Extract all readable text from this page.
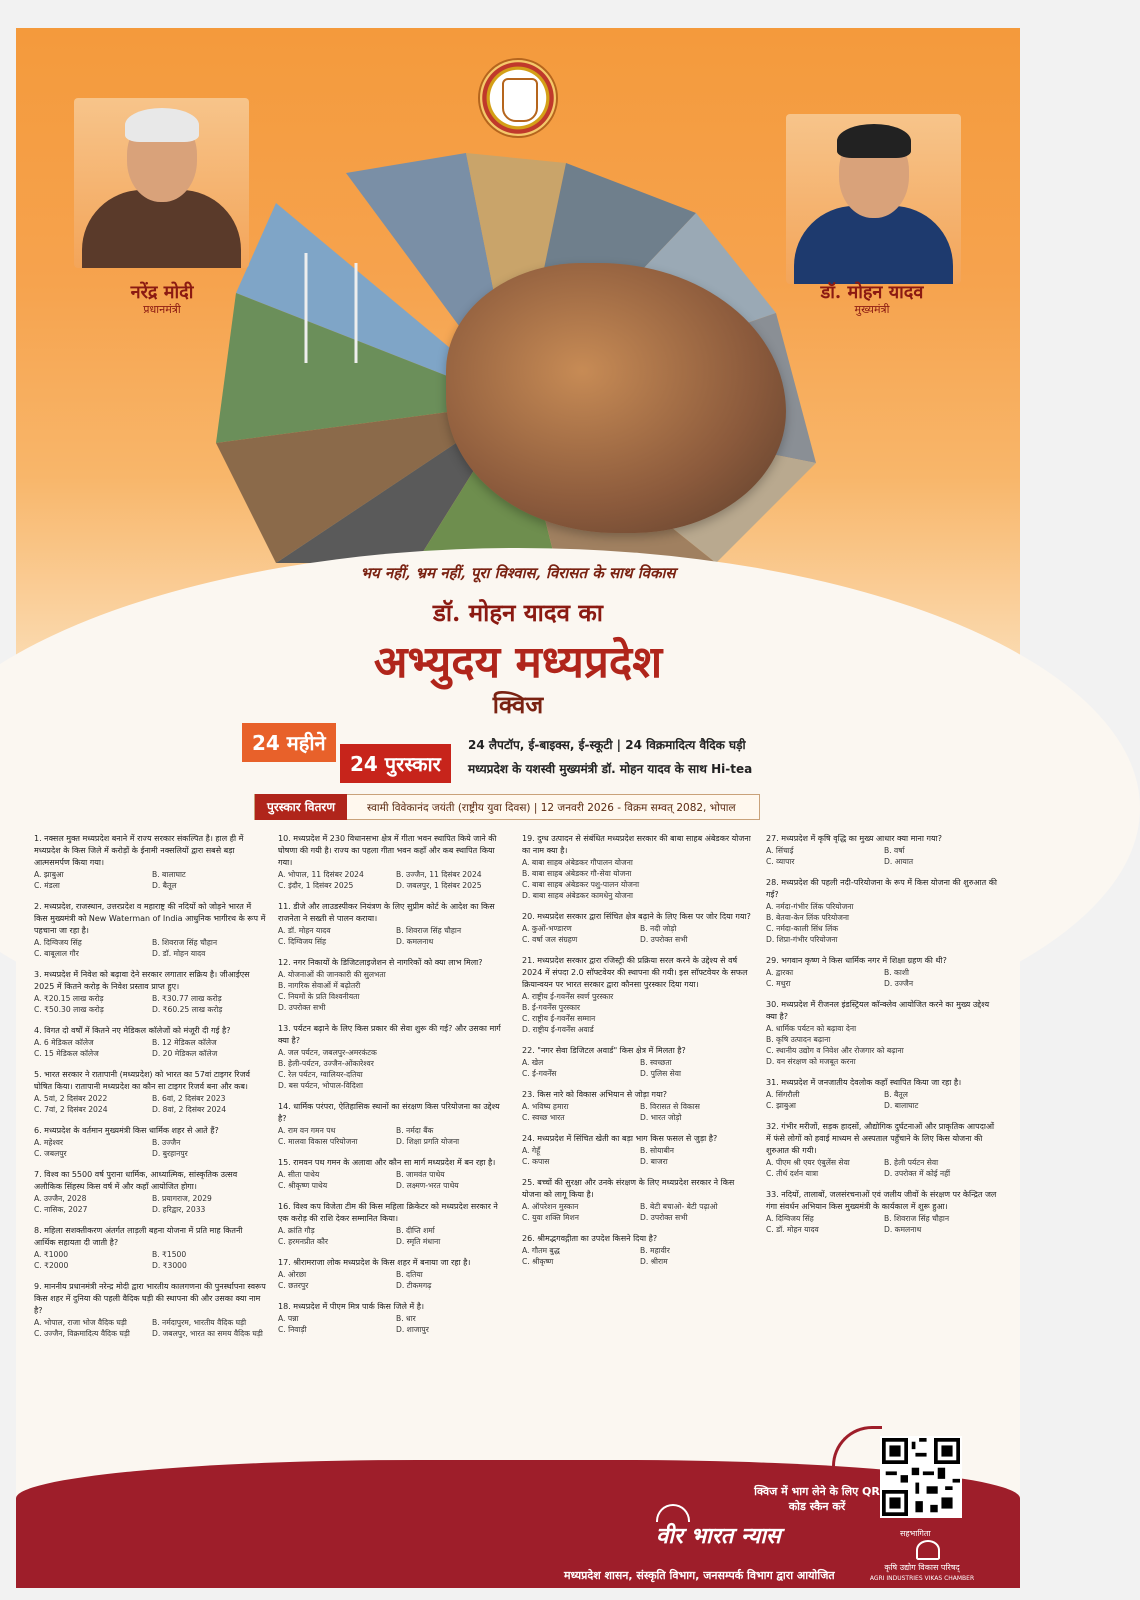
नरेंद्र मोदी
प्रधानमंत्री
डॉ. मोहन यादव
मुख्यमंत्री
भय नहीं, भ्रम नहीं, पूरा विश्वास, विरासत के साथ विकास
डॉ. मोहन यादव का
अभ्युदय मध्यप्रदेश
क्विज
24 महीने
24 पुरस्कार
24 लैपटॉप, ई-बाइक्स, ई-स्कूटी | 24 विक्रमादित्य वैदिक घड़ी
मध्यप्रदेश के यशस्वी मुख्यमंत्री डॉ. मोहन यादव के साथ Hi-tea
पुरस्कार वितरण	स्वामी विवेकानंद जयंती (राष्ट्रीय युवा दिवस) | 12 जनवरी 2026 - विक्रम सम्वत् 2082, भोपाल
1. नक्सल मुक्त मध्यप्रदेश बनाने में राज्य सरकार संकल्पित है। हाल ही में मध्यप्रदेश के किस जिले में करोड़ों के ईनामी नक्सलियों द्वारा सबसे बड़ा आत्मसमर्पण किया गया।
A. झाबुआ	B. बालाघाट
C. मंडला	D. बैतूल
2. मध्यप्रदेश, राजस्थान, उत्तरप्रदेश व महाराष्ट्र की नदियों को जोड़ने भारत में किस मुख्यमंत्री को New Waterman of India आधुनिक भागीरथ के रूप में पहचाना जा रहा है।
A. दिग्विजय सिंह	B. शिवराज सिंह चौहान
C. बाबूलाल गौर	D. डॉ. मोहन यादव
3. मध्यप्रदेश में निवेश को बढ़ावा देने सरकार लगातार सक्रिय है। जीआईएस 2025 में कितने करोड़ के निवेश प्रस्ताव प्राप्त हुए।
A. ₹20.15 लाख करोड़	B. ₹30.77 लाख करोड़
C. ₹50.30 लाख करोड़	D. ₹60.25 लाख करोड़
4. विगत दो वर्षों में कितने नए मेडिकल कॉलेजों को मंजूरी दी गई है?
A. 6 मेडिकल कॉलेज	B. 12 मेडिकल कॉलेज
C. 15 मेडिकल कॉलेज	D. 20 मेडिकल कॉलेज
5. भारत सरकार ने रातापानी (मध्यप्रदेश) को भारत का 57वां टाइगर रिजर्व घोषित किया। रातापानी मध्यप्रदेश का कौन सा टाइगर रिजर्व बना और कब।
A. 5वां, 2 दिसंबर 2022	B. 6वां, 2 दिसंबर 2023
C. 7वां, 2 दिसंबर 2024	D. 8वां, 2 दिसंबर 2024
6. मध्यप्रदेश के वर्तमान मुख्यमंत्री किस धार्मिक शहर से आते हैं?
A. महेश्वर	B. उज्जैन
C. जबलपुर	D. बुरहानपुर
7. विश्व का 5500 वर्ष पुराना धार्मिक, आध्यात्मिक, सांस्कृतिक उत्सव अलौकिक सिंहस्थ किस वर्ष में और कहाँ आयोजित होगा।
A. उज्जैन, 2028	B. प्रयागराज, 2029
C. नासिक, 2027	D. हरिद्वार, 2033
8. महिला सशक्तीकरण अंतर्गत लाड़ली बहना योजना में प्रति माह कितनी आर्थिक सहायता दी जाती है?
A. ₹1000	B. ₹1500
C. ₹2000	D. ₹3000
9. माननीय प्रधानमंत्री नरेन्द्र मोदी द्वारा भारतीय कालगणना की पुनर्स्थापना स्वरूप किस शहर में दुनिया की पहली वैदिक घड़ी की स्थापना की और उसका क्या नाम है?
A. भोपाल, राजा भोज वैदिक घड़ी	B. नर्मदापुरम, भारतीय वैदिक घड़ी
C. उज्जैन, विक्रमादित्य वैदिक घड़ी	D. जबलपुर, भारत का समय वैदिक घड़ी
10. मध्यप्रदेश में 230 विधानसभा क्षेत्र में गीता भवन स्थापित किये जाने की घोषणा की गयी है। राज्य का पहला गीता भवन कहाँ और कब स्थापित किया गया।
A. भोपाल, 11 दिसंबर 2024	B. उज्जैन, 11 दिसंबर 2024
C. इंदौर, 1 दिसंबर 2025	D. जबलपुर, 1 दिसंबर 2025
11. डीजे और लाउडस्पीकर नियंत्रण के लिए सुप्रीम कोर्ट के आदेश का किस राजनेता ने सख्ती से पालन कराया।
A. डॉ. मोहन यादव	B. शिवराज सिंह चौहान
C. दिग्विजय सिंह	D. कमलनाथ
12. नगर निकायों के डिजिटलाइजेशन से नागरिकों को क्या लाभ मिला?
A. योजनाओं की जानकारी की सुलभता
B. नागरिक सेवाओं में बढ़ोतरी
C. नियमों के प्रति विश्वनीयता
D. उपरोक्त सभी
13. पर्यटन बढ़ाने के लिए किस प्रकार की सेवा शुरू की गई? और उसका मार्ग क्या है?
A. जल पर्यटन, जबलपुर-अमरकंटक
B. हेली-पर्यटन, उज्जैन-ओंकारेश्वर
C. रेल पर्यटन, ग्वालियर-दतिया
D. बस पर्यटन, भोपाल-विदिशा
14. धार्मिक परंपरा, ऐतिहासिक स्थानों का संरक्षण किस परियोजना का उद्देश्य है?
A. राम वन गमन पथ	B. नर्मदा बैंक
C. मालवा विकास परियोजना	D. शिक्षा प्रगति योजना
15. रामवन पथ गमन के अलावा और कौन सा मार्ग मध्यप्रदेश में बन रहा है।
A. सीता पाथेय	B. जामवंत पाथेय
C. श्रीकृष्ण पाथेय	D. लक्ष्मण-भरत पाथेय
16. विश्व कप विजेता टीम की किस महिला क्रिकेटर को मध्यप्रदेश सरकार ने एक करोड़ की राशि देकर सम्मानित किया।
A. क्रांति गौड़	B. दीप्ति शर्मा
C. हरमनप्रीत कौर	D. स्मृति मंधाना
17. श्रीरामराजा लोक मध्यप्रदेश के किस शहर में बनाया जा रहा है।
A. ओरछा	B. दतिया
C. छतरपुर	D. टीकमगढ़
18. मध्यप्रदेश में पीएम मित्र पार्क किस जिले में है।
A. पन्ना	B. धार
C. निवाड़ी	D. शाजापुर
19. दुग्ध उत्पादन से संबंधित मध्यप्रदेश सरकार की बाबा साहब अंबेडकर योजना का नाम क्या है।
A. बाबा साहब अंबेडकर गौपालन योजना
B. बाबा साहब अंबेडकर गौ-सेवा योजना
C. बाबा साहब अंबेडकर पशु-पालन योजना
D. बाबा साहब अंबेडकर कामधेनु योजना
20. मध्यप्रदेश सरकार द्वारा सिंचित क्षेत्र बढ़ाने के लिए किस पर जोर दिया गया?
A. कुओं-भण्डारण	B. नदी जोड़ो
C. वर्षा जल संग्रहण	D. उपरोक्त सभी
21. मध्यप्रदेश सरकार द्वारा रजिस्ट्री की प्रक्रिया सरल करने के उद्देश्य से वर्ष 2024 में संपदा 2.0 सॉफ्टवेयर की स्थापना की गयी। इस सॉफ्टवेयर के सफल क्रियान्वयन पर भारत सरकार द्वारा कौनसा पुरस्कार दिया गया।
A. राष्ट्रीय ई-गवर्नेंस स्वर्ण पुरस्कार
B. ई-गवर्नेंस पुरस्कार
C. राष्ट्रीय ई-गवर्नेंस सम्मान
D. राष्ट्रीय ई-गवर्नेंस अवार्ड
22. "नगर सेवा डिजिटल अवार्ड" किस क्षेत्र में मिलता है?
A. खेल	B. स्वच्छता
C. ई-गवर्नेंस	D. पुलिस सेवा
23. किस नारे को विकास अभियान से जोड़ा गया?
A. भविष्य हमारा	B. विरासत से विकास
C. स्वच्छ भारत	D. भारत जोड़ो
24. मध्यप्रदेश में सिंचित खेती का बड़ा भाग किस फसल से जुड़ा है?
A. गेहूँ	B. सोयाबीन
C. कपास	D. बाजरा
25. बच्चों की सुरक्षा और उनके संरक्षण के लिए मध्यप्रदेश सरकार ने किस योजना को लागू किया है।
A. ऑपरेशन मुस्कान	B. बेटी बचाओ- बेटी पढ़ाओ
C. युवा शक्ति मिशन	D. उपरोक्त सभी
26. श्रीमद्भगवद्गीता का उपदेश किसने दिया है?
A. गौतम बुद्ध	B. महावीर
C. श्रीकृष्ण	D. श्रीराम
27. मध्यप्रदेश में कृषि वृद्धि का मुख्य आधार क्या माना गया?
A. सिंचाई	B. वर्षा
C. व्यापार	D. आयात
28. मध्यप्रदेश की पहली नदी-परियोजना के रूप में किस योजना की शुरुआत की गई?
A. नर्मदा-गंभीर लिंक परियोजना
B. बेतवा-केन लिंक परियोजना
C. नर्मदा-काली सिंध लिंक
D. शिप्रा-गंभीर परियोजना
29. भगवान कृष्ण ने किस धार्मिक नगर में शिक्षा ग्रहण की थी?
A. द्वारका	B. काशी
C. मथुरा	D. उज्जैन
30. मध्यप्रदेश में रीजनल इंडस्ट्रियल कॉन्क्लेव आयोजित करने का मुख्य उद्देश्य क्या है?
A. धार्मिक पर्यटन को बढ़ावा देना
B. कृषि उत्पादन बढ़ाना
C. स्थानीय उद्योग व निवेश और रोजगार को बढ़ाना
D. वन संरक्षण को मजबूत करना
31. मध्यप्रदेश में जनजातीय देवलोक कहाँ स्थापित किया जा रहा है।
A. सिंगरौली	B. बैतूल
C. झाबुआ	D. बालाघाट
32. गंभीर मरीजों, सड़क हादसों, औद्योगिक दुर्घटनाओं और प्राकृतिक आपदाओं में फंसे लोगों को हवाई माध्यम से अस्पताल पहुँचाने के लिए किस योजना की शुरुआत की गयी।
A. पीएम श्री एयर एंबुलेंस सेवा	B. हेली पर्यटन सेवा
C. तीर्थ दर्शन यात्रा	D. उपरोक्त में कोई नहीं
33. नदियों, तालाबों, जलसंरचनाओं एवं जलीय जीवों के संरक्षण पर केन्द्रित जल गंगा संवर्धन अभियान किस मुख्यमंत्री के कार्यकाल में शुरू हुआ।
A. दिग्विजय सिंह	B. शिवराज सिंह चौहान
C. डॉ. मोहन यादव	D. कमलनाथ
क्विज में भाग लेने के लिए QR कोड स्कैन करें
वीर भारत न्यास
मध्यप्रदेश शासन, संस्कृति विभाग, जनसम्पर्क विभाग द्वारा आयोजित
सहभागिता
कृषि उद्योग विकास परिषद्
AGRI INDUSTRIES VIKAS CHAMBER
